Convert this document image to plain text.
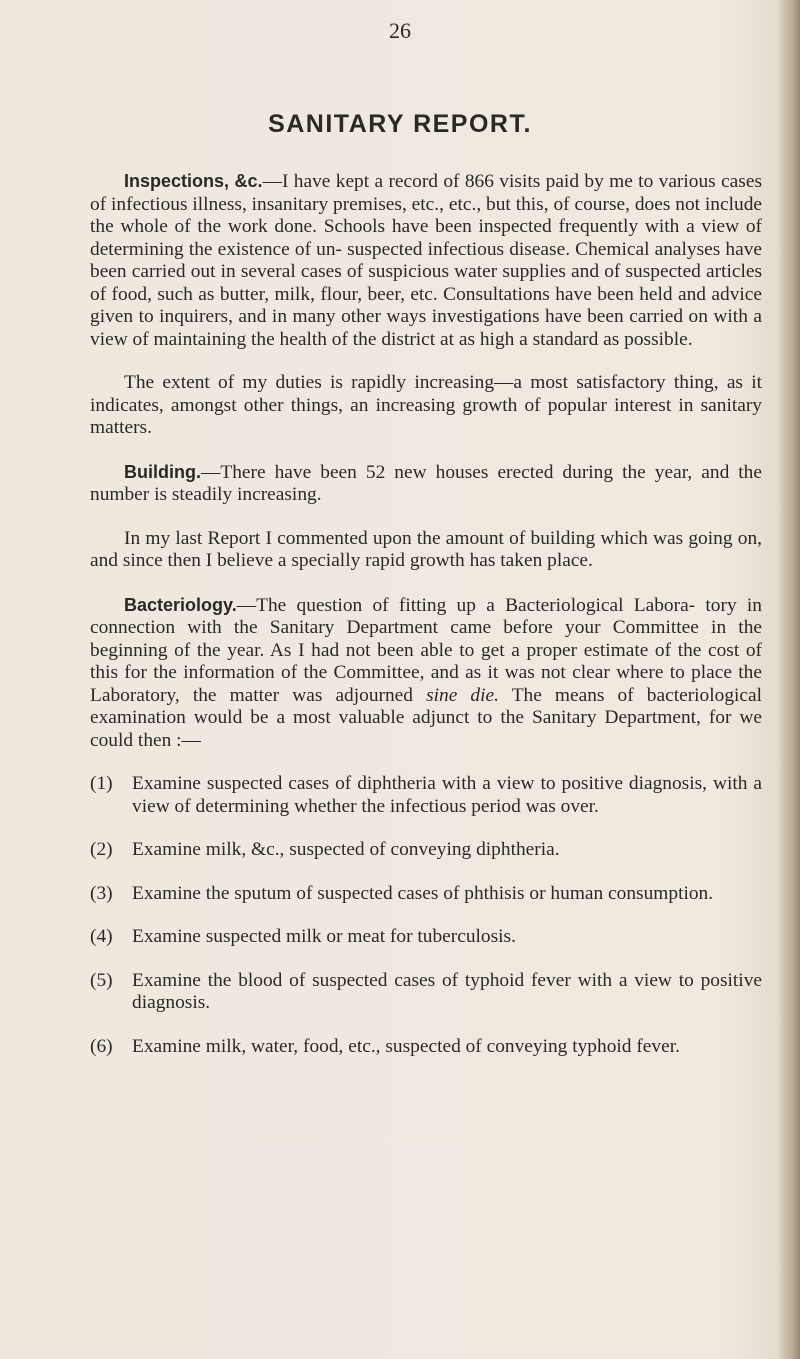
26
SANITARY REPORT.

Inspections, &c.—I have kept a record of 866 visits paid by me to various cases of infectious illness, insanitary premises, etc., etc., but this, of course, does not include the whole of the work done. Schools have been inspected frequently with a view of determining the existence of un- suspected infectious disease. Chemical analyses have been carried out in several cases of suspicious water supplies and of suspected articles of food, such as butter, milk, flour, beer, etc. Consultations have been held and advice given to inquirers, and in many other ways investigations have been carried on with a view of maintaining the health of the district at as high a standard as possible.

The extent of my duties is rapidly increasing—a most satisfactory thing, as it indicates, amongst other things, an increasing growth of popular interest in sanitary matters.

Building.—There have been 52 new houses erected during the year, and the number is steadily increasing.

In my last Report I commented upon the amount of building which was going on, and since then I believe a specially rapid growth has taken place.

Bacteriology.—The question of fitting up a Bacteriological Labora- tory in connection with the Sanitary Department came before your Committee in the beginning of the year. As I had not been able to get a proper estimate of the cost of this for the information of the Committee, and as it was not clear where to place the Laboratory, the matter was adjourned sine die. The means of bacteriological examination would be a most valuable adjunct to the Sanitary Department, for we could then :—

(1) Examine suspected cases of diphtheria with a view to positive diagnosis, with a view of determining whether the infectious period was over.
(2) Examine milk, &c., suspected of conveying diphtheria.
(3) Examine the sputum of suspected cases of phthisis or human consumption.
(4) Examine suspected milk or meat for tuberculosis.
(5) Examine the blood of suspected cases of typhoid fever with a view to positive diagnosis.
(6) Examine milk, water, food, etc., suspected of conveying typhoid fever.
